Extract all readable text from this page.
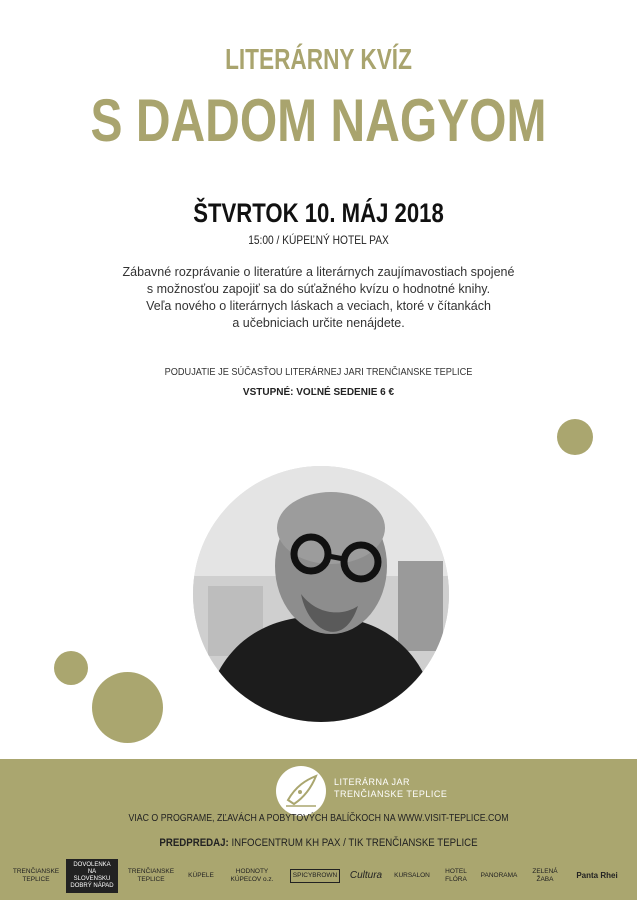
LITERÁRNY KVÍZ
S DADOM NAGYOM
ŠTVRTOK 10. MÁJ 2018
15:00 / KÚPEĽNÝ HOTEL PAX
Zábavné rozprávanie o literatúre a literárnych zaujímavostiach spojené
s možnosťou zapojiť sa do súťažného kvízu o hodnotné knihy.
Veľa nového o literárnych láskach a veciach, ktoré v čítankách
a učebniciach určite nenájdete.
PODUJATIE JE SÚČASŤOU LITERÁRNEJ JARI TRENČIANSKE TEPLICE
VSTUPNÉ: VOĽNÉ SEDENIE 6 €
LITERÁRNA JAR
TRENČIANSKE TEPLICE
VIAC O PROGRAME, ZĽAVÁCH A POBYTOVÝCH BALÍČKOCH NA WWW.VISIT-TEPLICE.COM
PREDPREDAJ: INFOCENTRUM KH PAX / TIK TRENČIANSKE TEPLICE
TRENČIANSKE TEPLICE
DOVOLENKA NA SLOVENSKU DOBRÝ NÁPAD
TRENČIANSKE TEPLICE
KÚPELE
HODNOTY KÚPEĽOV o.z.
SPICYBROWN	Cultura KURSALON
HOTEL FLÓRA
PANORAMA
ZELENÁ ŽABA	Panta Rhei
